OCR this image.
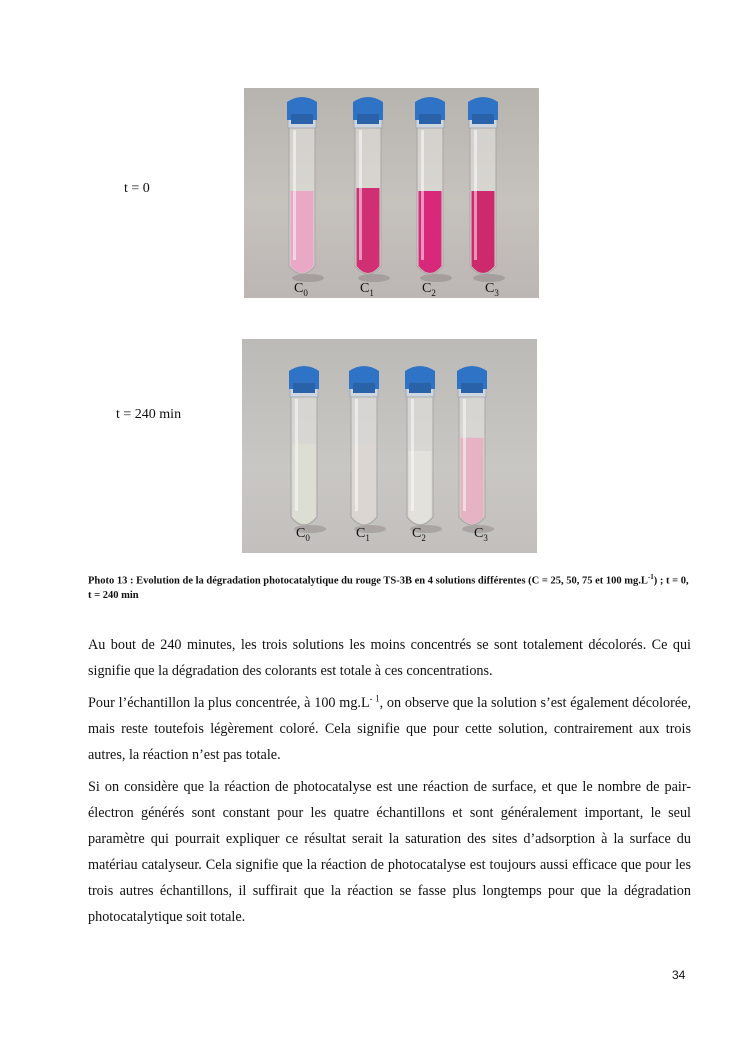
t = 0
t = 240 min
$C_0$	$C_1$	$C_2$	$C_3$
$C_0$	$C_1$	$C_2$	$C_3$
Photo 13 : Evolution de la dégradation photocatalytique du rouge TS-3B en 4 solutions différentes (C = 25, 50, 75 et 100 $mg.L^{-1}$) ; t = 0, t = 240 min

Au bout de 240 minutes, les trois solutions les moins concentrés se sont totalement décolorés. Ce qui signifie que la dégradation des colorants est totale à ces concentrations.

Pour l’échantillon la plus concentrée, à 100 $mg.L^{- 1}$, on observe que la solution s’est également décolorée, mais reste toutefois légèrement coloré. Cela signifie que pour cette solution, contrairement aux trois autres, la réaction n’est pas totale.

Si on considère que la réaction de photocatalyse est une réaction de surface, et que le nombre de pair-électron générés sont constant pour les quatre échantillons et sont généralement important, le seul paramètre qui pourrait expliquer ce résultat serait la saturation des sites d’adsorption à la surface du matériau catalyseur. Cela signifie que la réaction de photocatalyse est toujours aussi efficace que pour les trois autres échantillons, il suffirait que la réaction se fasse plus longtemps pour que la dégradation photocatalytique soit totale.

34
